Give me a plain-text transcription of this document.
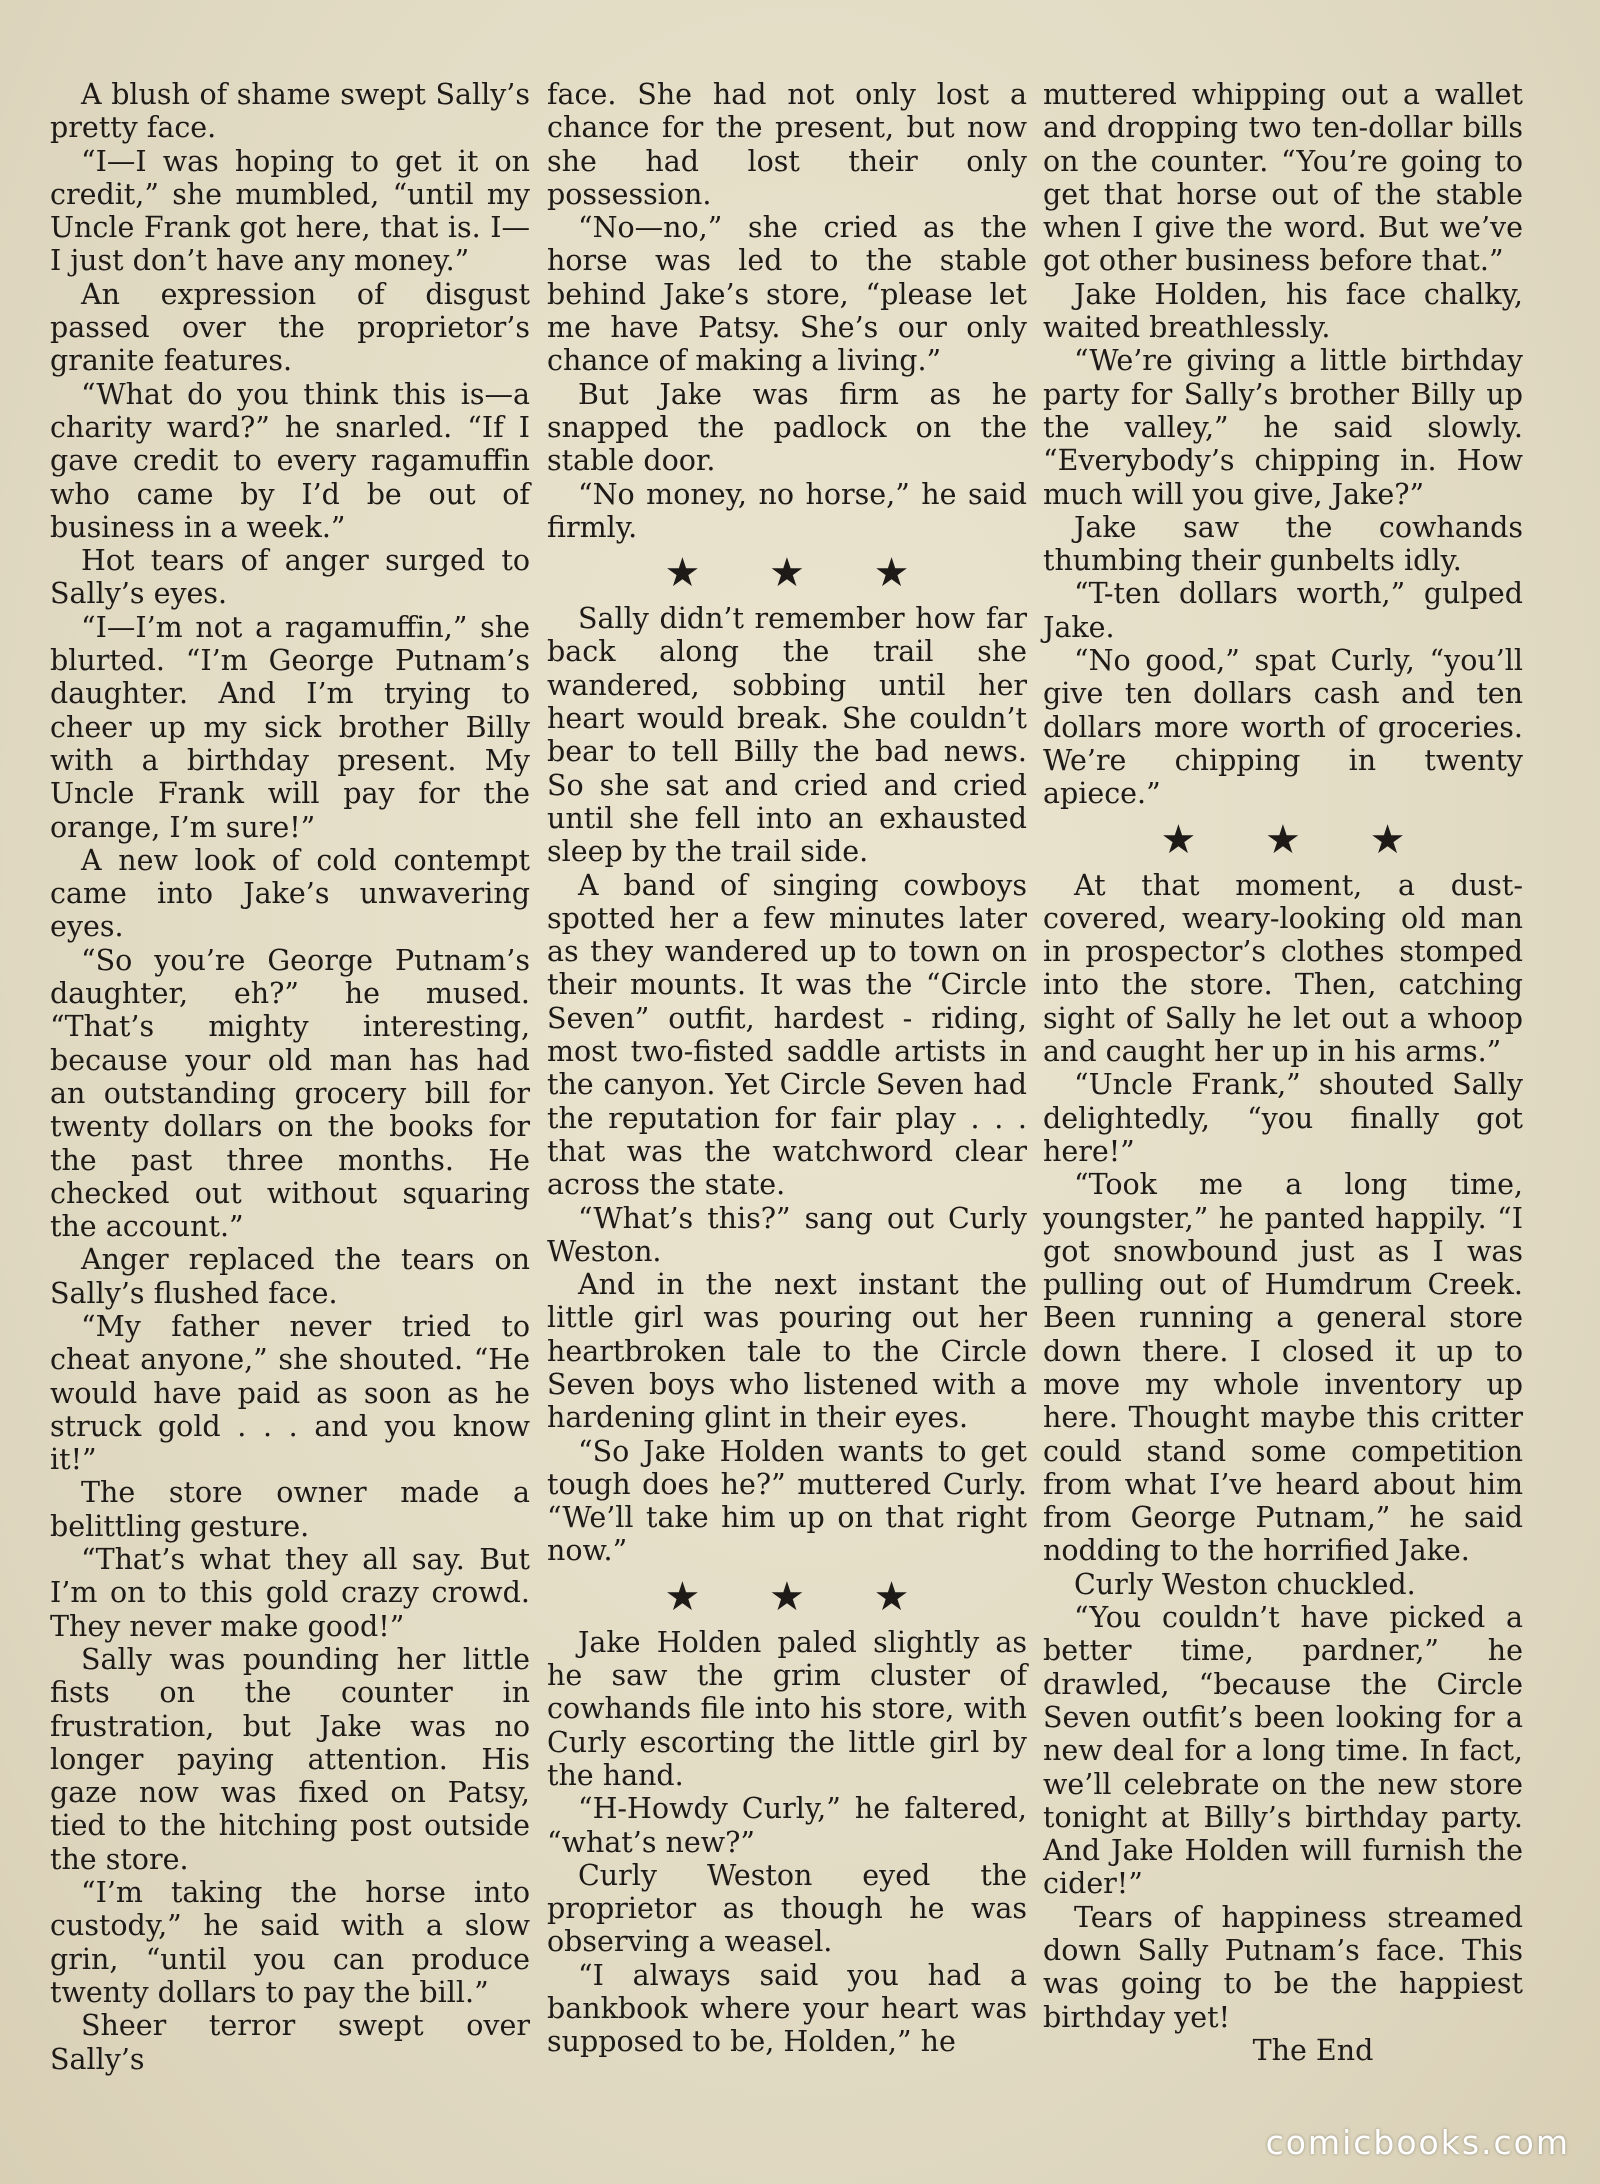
A blush of shame swept Sally’s pretty face.

“I—I was hoping to get it on credit,” she mumbled, “until my Uncle Frank got here, that is. I—I just don’t have any money.”

An expression of disgust passed over the proprietor’s granite features.

“What do you think this is—a charity ward?” he snarled. “If I gave credit to every ragamuffin who came by I’d be out of business in a week.”

Hot tears of anger surged to Sally’s eyes.

“I—I’m not a ragamuffin,” she blurted. “I’m George Putnam’s daughter. And I’m trying to cheer up my sick brother Billy with a birthday present. My Uncle Frank will pay for the orange, I’m sure!”

A new look of cold contempt came into Jake’s unwavering eyes.

“So you’re George Putnam’s daughter, eh?” he mused. “That’s mighty interesting, because your old man has had an outstanding grocery bill for twenty dollars on the books for the past three months. He checked out without squaring the account.”

Anger replaced the tears on Sally’s flushed face.

“My father never tried to cheat anyone,” she shouted. “He would have paid as soon as he struck gold . . . and you know it!”

The store owner made a belittling gesture.

“That’s what they all say. But I’m on to this gold crazy crowd. They never make good!”

Sally was pounding her little fists on the counter in frustration, but Jake was no longer paying attention. His gaze now was fixed on Patsy, tied to the hitching post outside the store.

“I’m taking the horse into custody,” he said with a slow grin, “until you can produce twenty dollars to pay the bill.”

Sheer terror swept over Sally’s

face. She had not only lost a chance for the present, but now she had lost their only possession.

“No—no,” she cried as the horse was led to the stable behind Jake’s store, “please let me have Patsy. She’s our only chance of making a living.”

But Jake was firm as he snapped the padlock on the stable door.

“No money, no horse,” he said firmly.

★ ★ ★

Sally didn’t remember how far back along the trail she wandered, sobbing until her heart would break. She couldn’t bear to tell Billy the bad news. So she sat and cried and cried until she fell into an exhausted sleep by the trail side.

A band of singing cowboys spotted her a few minutes later as they wandered up to town on their mounts. It was the “Circle Seven” outfit, hardest - riding, most two-fisted saddle artists in the canyon. Yet Circle Seven had the reputation for fair play . . . that was the watchword clear across the state.

“What’s this?” sang out Curly Weston.

And in the next instant the little girl was pouring out her heartbroken tale to the Circle Seven boys who listened with a hardening glint in their eyes.

“So Jake Holden wants to get tough does he?” muttered Curly. “We’ll take him up on that right now.”

★ ★ ★

Jake Holden paled slightly as he saw the grim cluster of cowhands file into his store, with Curly escorting the little girl by the hand.

“H-Howdy Curly,” he faltered, “what’s new?”

Curly Weston eyed the proprietor as though he was observing a weasel.

“I always said you had a bankbook where your heart was supposed to be, Holden,” he

muttered whipping out a wallet and dropping two ten-dollar bills on the counter. “You’re going to get that horse out of the stable when I give the word. But we’ve got other business before that.”

Jake Holden, his face chalky, waited breathlessly.

“We’re giving a little birthday party for Sally’s brother Billy up the valley,” he said slowly. “Everybody’s chipping in. How much will you give, Jake?”

Jake saw the cowhands thumbing their gunbelts idly.

“T-ten dollars worth,” gulped Jake.

“No good,” spat Curly, “you’ll give ten dollars cash and ten dollars more worth of groceries. We’re chipping in twenty apiece.”

★ ★ ★

At that moment, a dust-covered, weary-looking old man in prospector’s clothes stomped into the store. Then, catching sight of Sally he let out a whoop and caught her up in his arms.”

“Uncle Frank,” shouted Sally delightedly, “you finally got here!”

“Took me a long time, youngster,” he panted happily. “I got snowbound just as I was pulling out of Humdrum Creek. Been running a general store down there. I closed it up to move my whole inventory up here. Thought maybe this critter could stand some competition from what I’ve heard about him from George Putnam,” he said nodding to the horrified Jake.

Curly Weston chuckled.

“You couldn’t have picked a better time, pardner,” he drawled, “because the Circle Seven outfit’s been looking for a new deal for a long time. In fact, we’ll celebrate on the new store tonight at Billy’s birthday party. And Jake Holden will furnish the cider!”

Tears of happiness streamed down Sally Putnam’s face. This was going to be the happiest birthday yet!

The End

comicbooks.com
